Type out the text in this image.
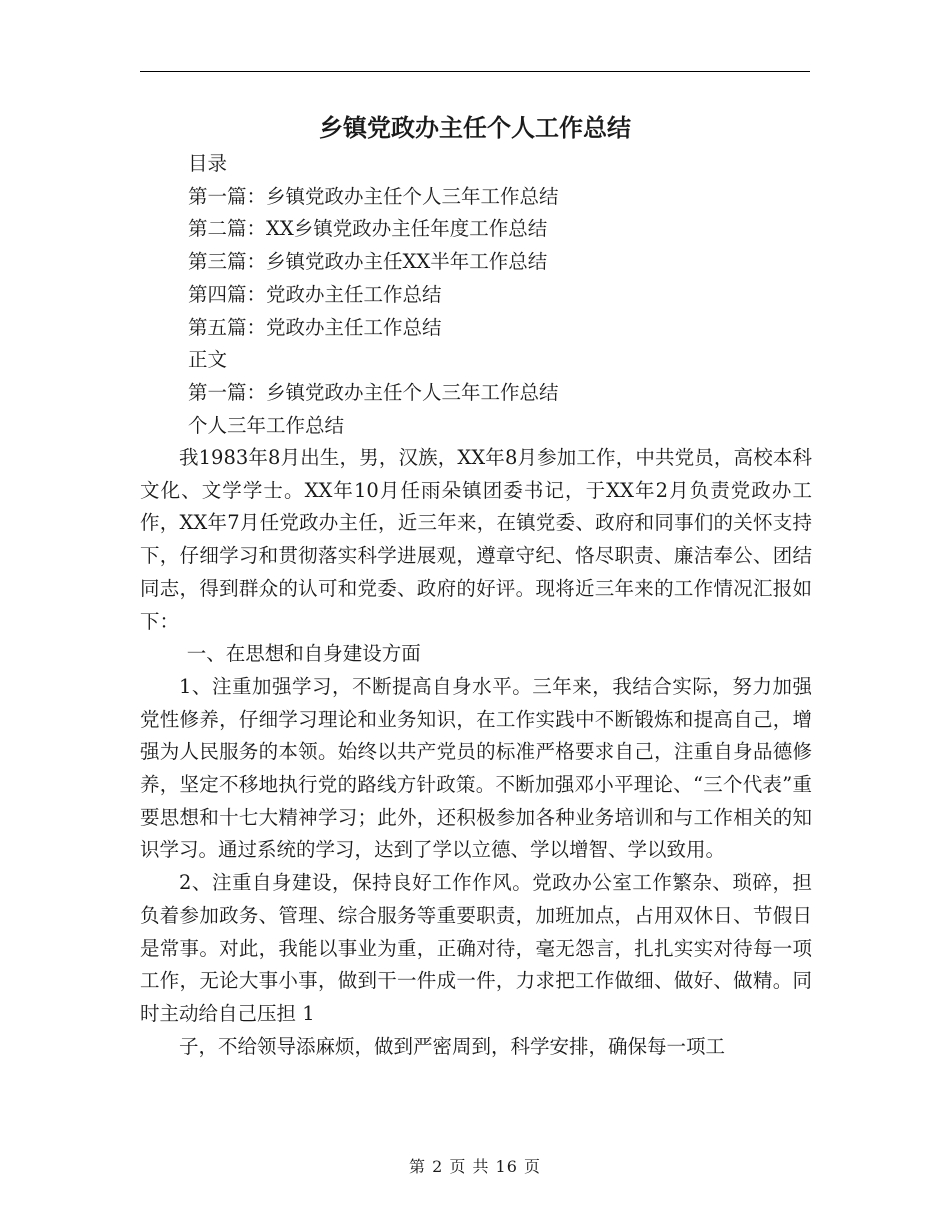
乡镇党政办主任个人工作总结
目录
第一篇：乡镇党政办主任个人三年工作总结
第二篇：XX乡镇党政办主任年度工作总结
第三篇：乡镇党政办主任XX半年工作总结
第四篇：党政办主任工作总结
第五篇：党政办主任工作总结
正文
第一篇：乡镇党政办主任个人三年工作总结
个人三年工作总结

我1983年8月出生，男，汉族，XX年8月参加工作，中共党员，高校本科文化、文学学士。XX年10月任雨朵镇团委书记，于XX年2月负责党政办工作，XX年7月任党政办主任，近三年来，在镇党委、政府和同事们的关怀支持下，仔细学习和贯彻落实科学进展观，遵章守纪、恪尽职责、廉洁奉公、团结同志，得到群众的认可和党委、政府的好评。现将近三年来的工作情况汇报如下：

一、在思想和自身建设方面

1、注重加强学习，不断提高自身水平。三年来，我结合实际，努力加强党性修养，仔细学习理论和业务知识，在工作实践中不断锻炼和提高自己，增强为人民服务的本领。始终以共产党员的标准严格要求自己，注重自身品德修养，坚定不移地执行党的路线方针政策。不断加强邓小平理论、“三个代表”重要思想和十七大精神学习；此外，还积极参加各种业务培训和与工作相关的知识学习。通过系统的学习，达到了学以立德、学以增智、学以致用。

2、注重自身建设，保持良好工作作风。党政办公室工作繁杂、琐碎，担负着参加政务、管理、综合服务等重要职责，加班加点，占用双休日、节假日是常事。对此，我能以事业为重，正确对待，毫无怨言，扎扎实实对待每一项工作，无论大事小事，做到干一件成一件，力求把工作做细、做好、做精。同时主动给自己压担 1

子，不给领导添麻烦，做到严密周到，科学安排，确保每一项工

第 2 页 共 16 页
